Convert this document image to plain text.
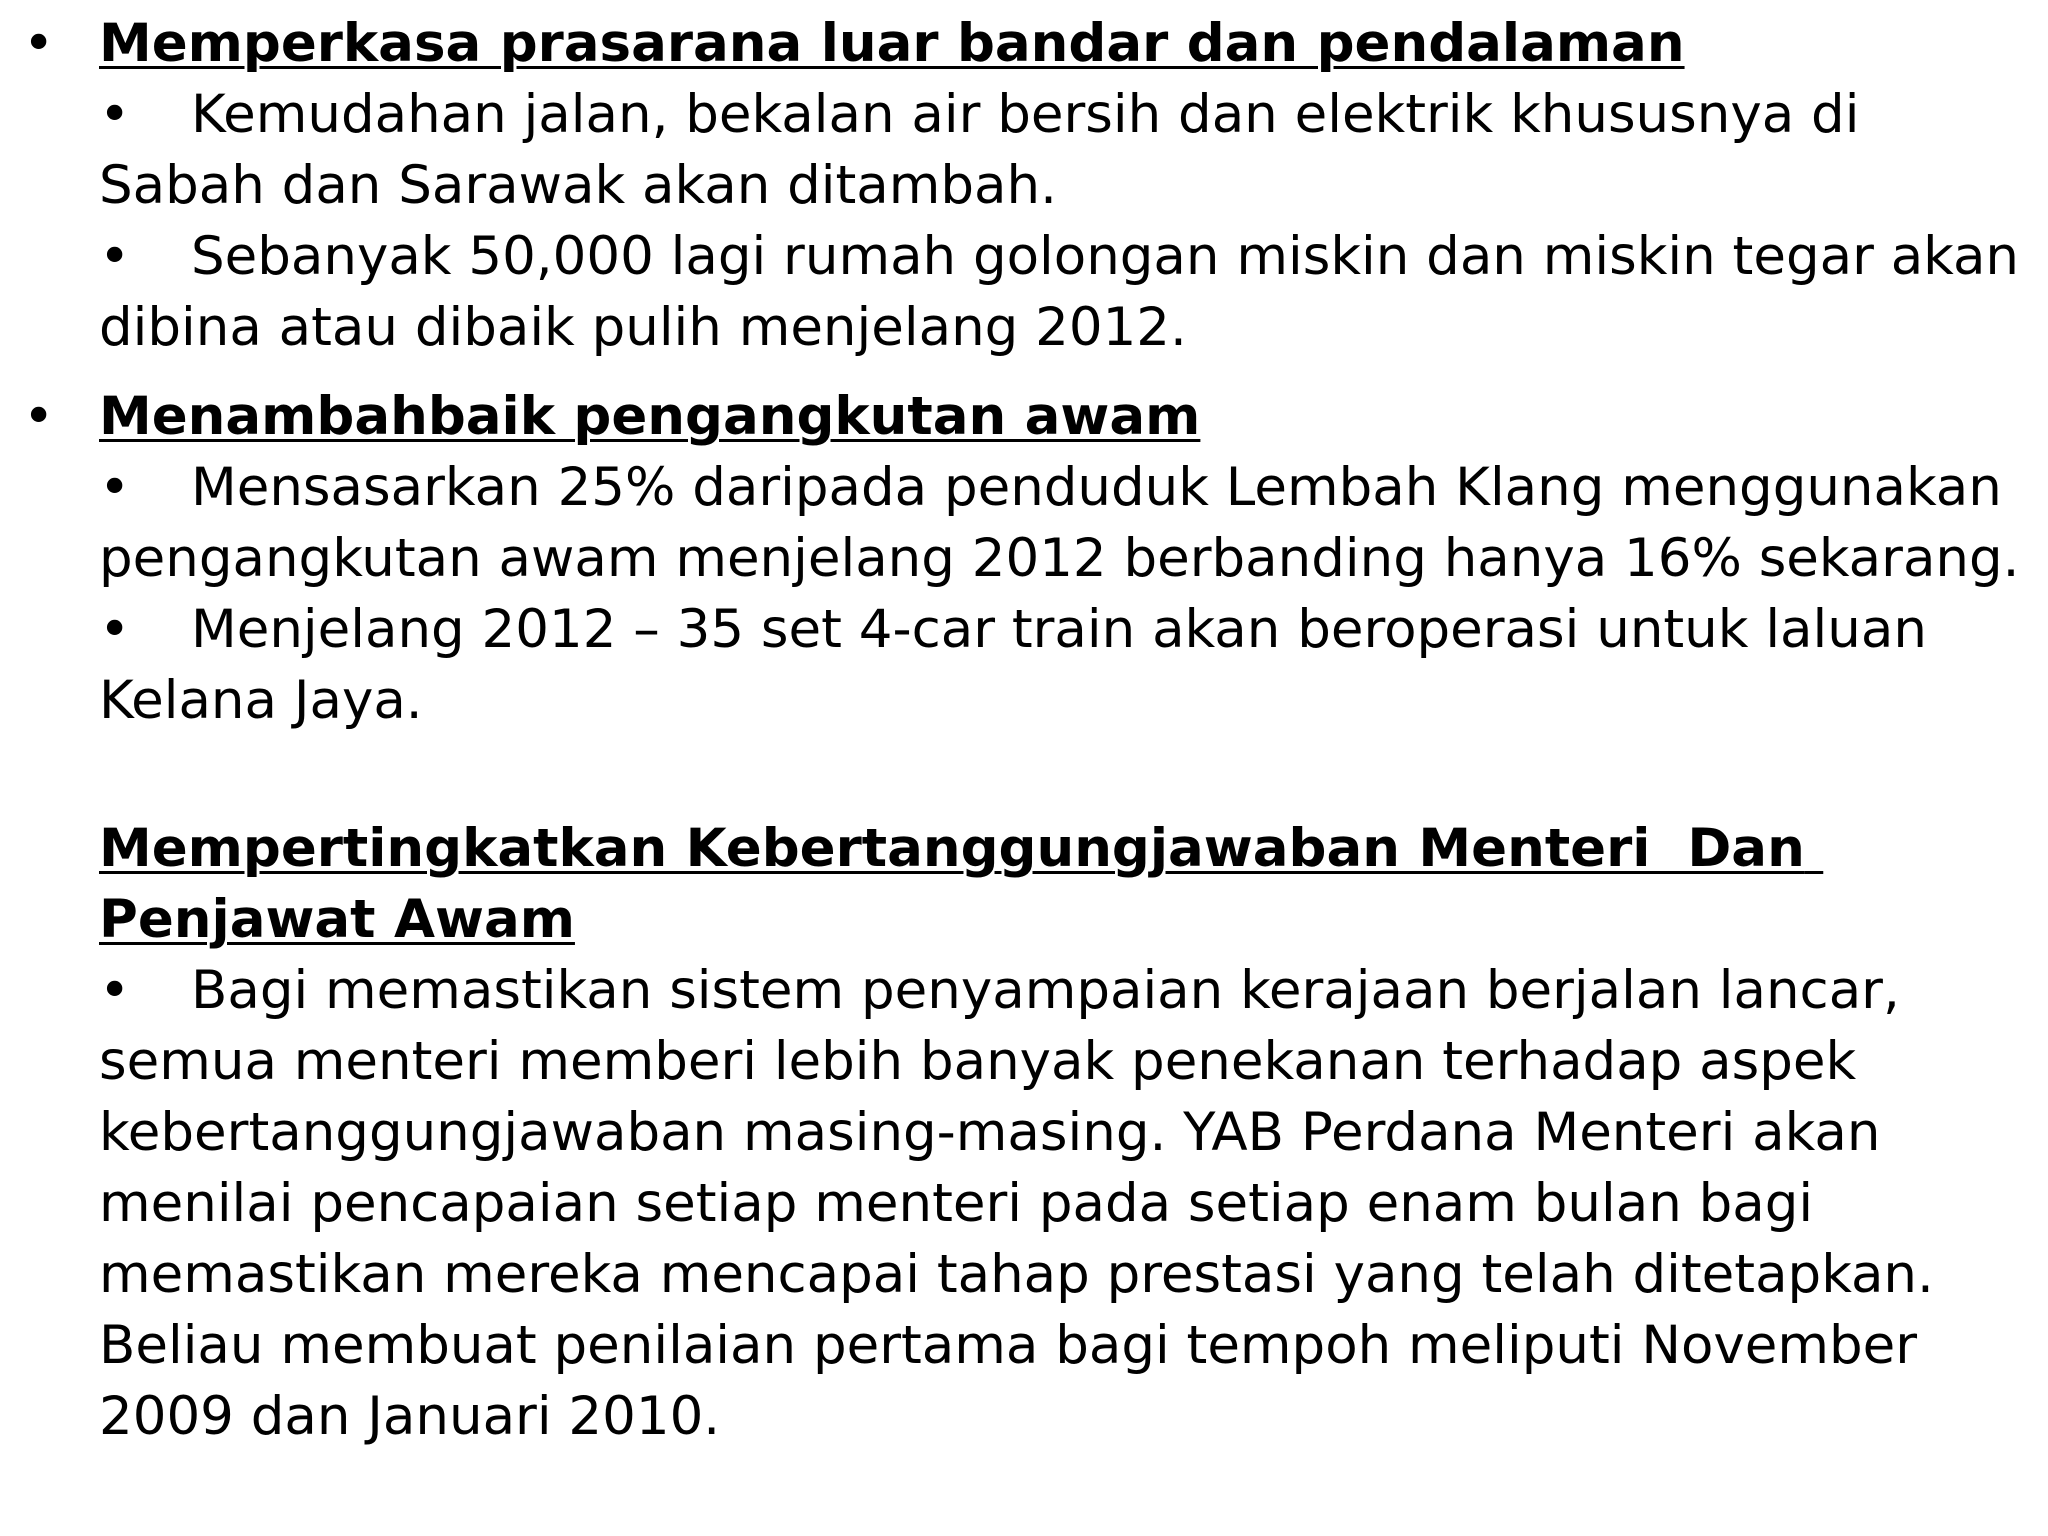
• Memperkasa prasarana luar bandar dan pendalaman

• Kemudahan jalan, bekalan air bersih dan elektrik khususnya di Sabah dan Sarawak akan ditambah.

• Sebanyak 50,000 lagi rumah golongan miskin dan miskin tegar akan dibina atau dibaik pulih menjelang 2012.

• Menambahbaik pengangkutan awam

• Mensasarkan 25% daripada penduduk Lembah Klang menggunakan pengangkutan awam menjelang 2012 berbanding hanya 16% sekarang.

• Menjelang 2012 – 35 set 4-car train akan beroperasi untuk laluan Kelana Jaya.

Mempertingkatkan Kebertanggungjawaban Menteri  Dan Penjawat Awam

• Bagi memastikan sistem penyampaian kerajaan berjalan lancar, semua menteri memberi lebih banyak penekanan terhadap aspek kebertanggungjawaban masing-masing. YAB Perdana Menteri akan menilai pencapaian setiap menteri pada setiap enam bulan bagi memastikan mereka mencapai tahap prestasi yang telah ditetapkan. Beliau membuat penilaian pertama bagi tempoh meliputi November 2009 dan Januari 2010.
